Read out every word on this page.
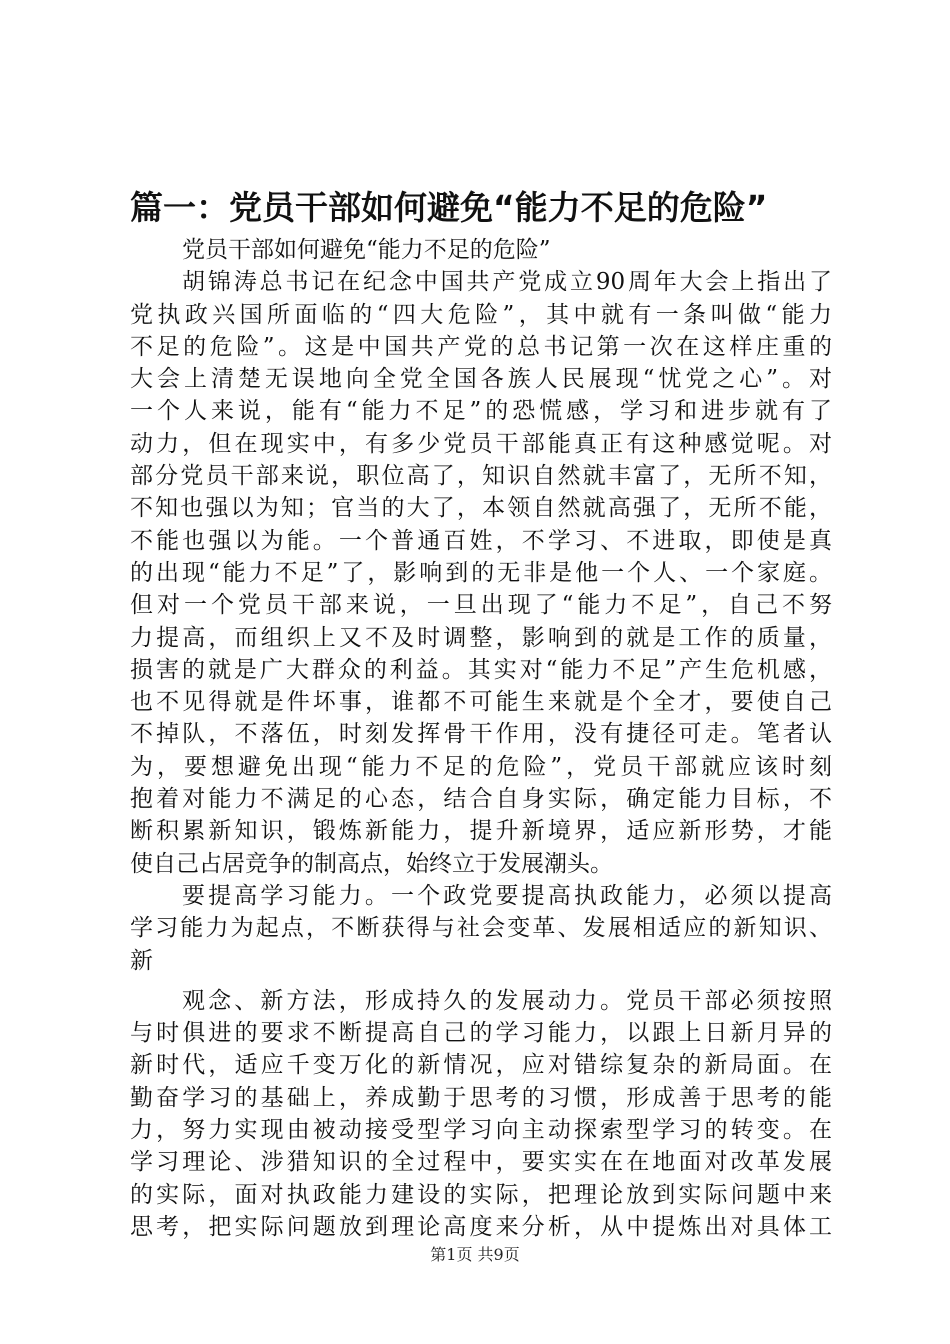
篇一：党员干部如何避免“能力不足的危险”
党员干部如何避免“能力不足的危险”
胡锦涛总书记在纪念中国共产党成立90周年大会上指出了
党执政兴国所面临的“四大危险”，其中就有一条叫做“能力
不足的危险”。这是中国共产党的总书记第一次在这样庄重的
大会上清楚无误地向全党全国各族人民展现“忧党之心”。对
一个人来说，能有“能力不足”的恐慌感，学习和进步就有了
动力，但在现实中，有多少党员干部能真正有这种感觉呢。对
部分党员干部来说，职位高了，知识自然就丰富了，无所不知，
不知也强以为知；官当的大了，本领自然就高强了，无所不能，
不能也强以为能。一个普通百姓，不学习、不进取，即使是真
的出现“能力不足”了，影响到的无非是他一个人、一个家庭。
但对一个党员干部来说，一旦出现了“能力不足”，自己不努
力提高，而组织上又不及时调整，影响到的就是工作的质量，
损害的就是广大群众的利益。其实对“能力不足”产生危机感，
也不见得就是件坏事，谁都不可能生来就是个全才，要使自己
不掉队，不落伍，时刻发挥骨干作用，没有捷径可走。笔者认
为，要想避免出现“能力不足的危险”，党员干部就应该时刻
抱着对能力不满足的心态，结合自身实际，确定能力目标，不
断积累新知识，锻炼新能力，提升新境界，适应新形势，才能
使自己占居竞争的制高点，始终立于发展潮头。
要提高学习能力。一个政党要提高执政能力，必须以提高
学习能力为起点，不断获得与社会变革、发展相适应的新知识、
新
观念、新方法，形成持久的发展动力。党员干部必须按照
与时俱进的要求不断提高自己的学习能力，以跟上日新月异的
新时代，适应千变万化的新情况，应对错综复杂的新局面。在
勤奋学习的基础上，养成勤于思考的习惯，形成善于思考的能
力，努力实现由被动接受型学习向主动探索型学习的转变。在
学习理论、涉猎知识的全过程中，要实实在在地面对改革发展
的实际，面对执政能力建设的实际，把理论放到实际问题中来
思考，把实际问题放到理论高度来分析，从中提炼出对具体工
第1页 共9页
